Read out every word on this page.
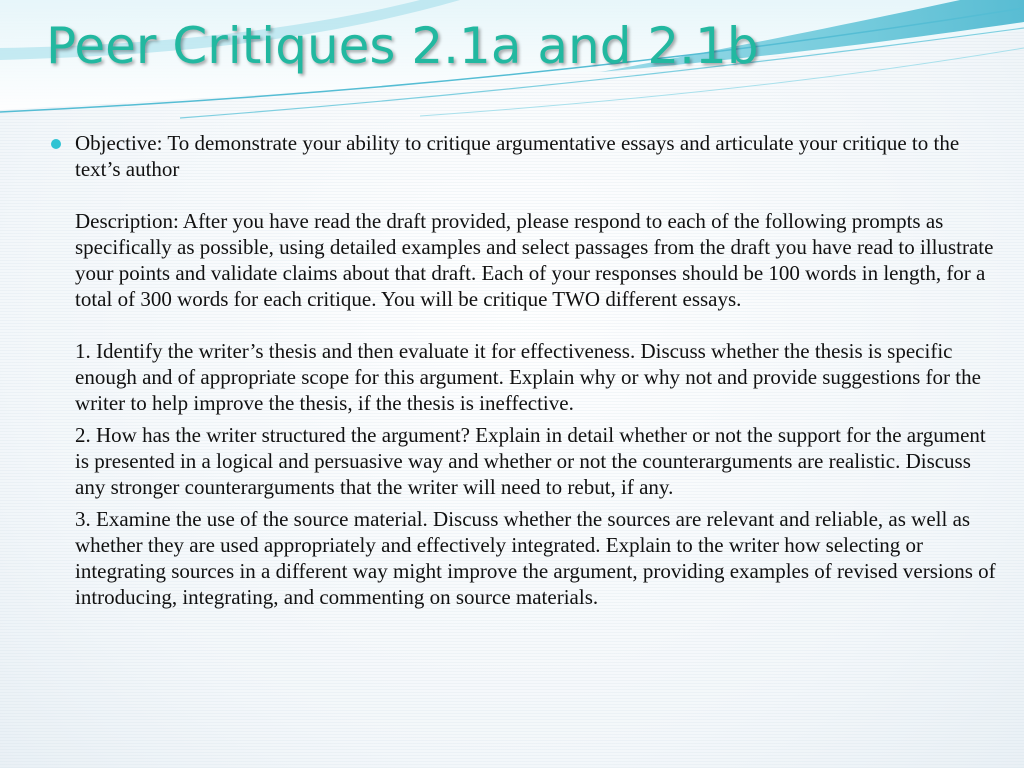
Peer Critiques 2.1a and 2.1b

Objective: To demonstrate your ability to critique argumentative essays and articulate your critique to the text’s author

Description: After you have read the draft provided, please respond to each of the following prompts as specifically as possible, using detailed examples and select passages from the draft you have read to illustrate your points and validate claims about that draft. Each of your responses should be 100 words in length, for a total of 300 words for each critique. You will be critique TWO different essays.

1. Identify the writer’s thesis and then evaluate it for effectiveness. Discuss whether the thesis is specific enough and of appropriate scope for this argument. Explain why or why not and provide suggestions for the writer to help improve the thesis, if the thesis is ineffective.

2. How has the writer structured the argument? Explain in detail whether or not the support for the argument is presented in a logical and persuasive way and whether or not the counterarguments are realistic. Discuss any stronger counterarguments that the writer will need to rebut, if any.

3. Examine the use of the source material. Discuss whether the sources are relevant and reliable, as well as whether they are used appropriately and effectively integrated. Explain to the writer how selecting or integrating sources in a different way might improve the argument, providing examples of revised versions of introducing, integrating, and commenting on source materials.
